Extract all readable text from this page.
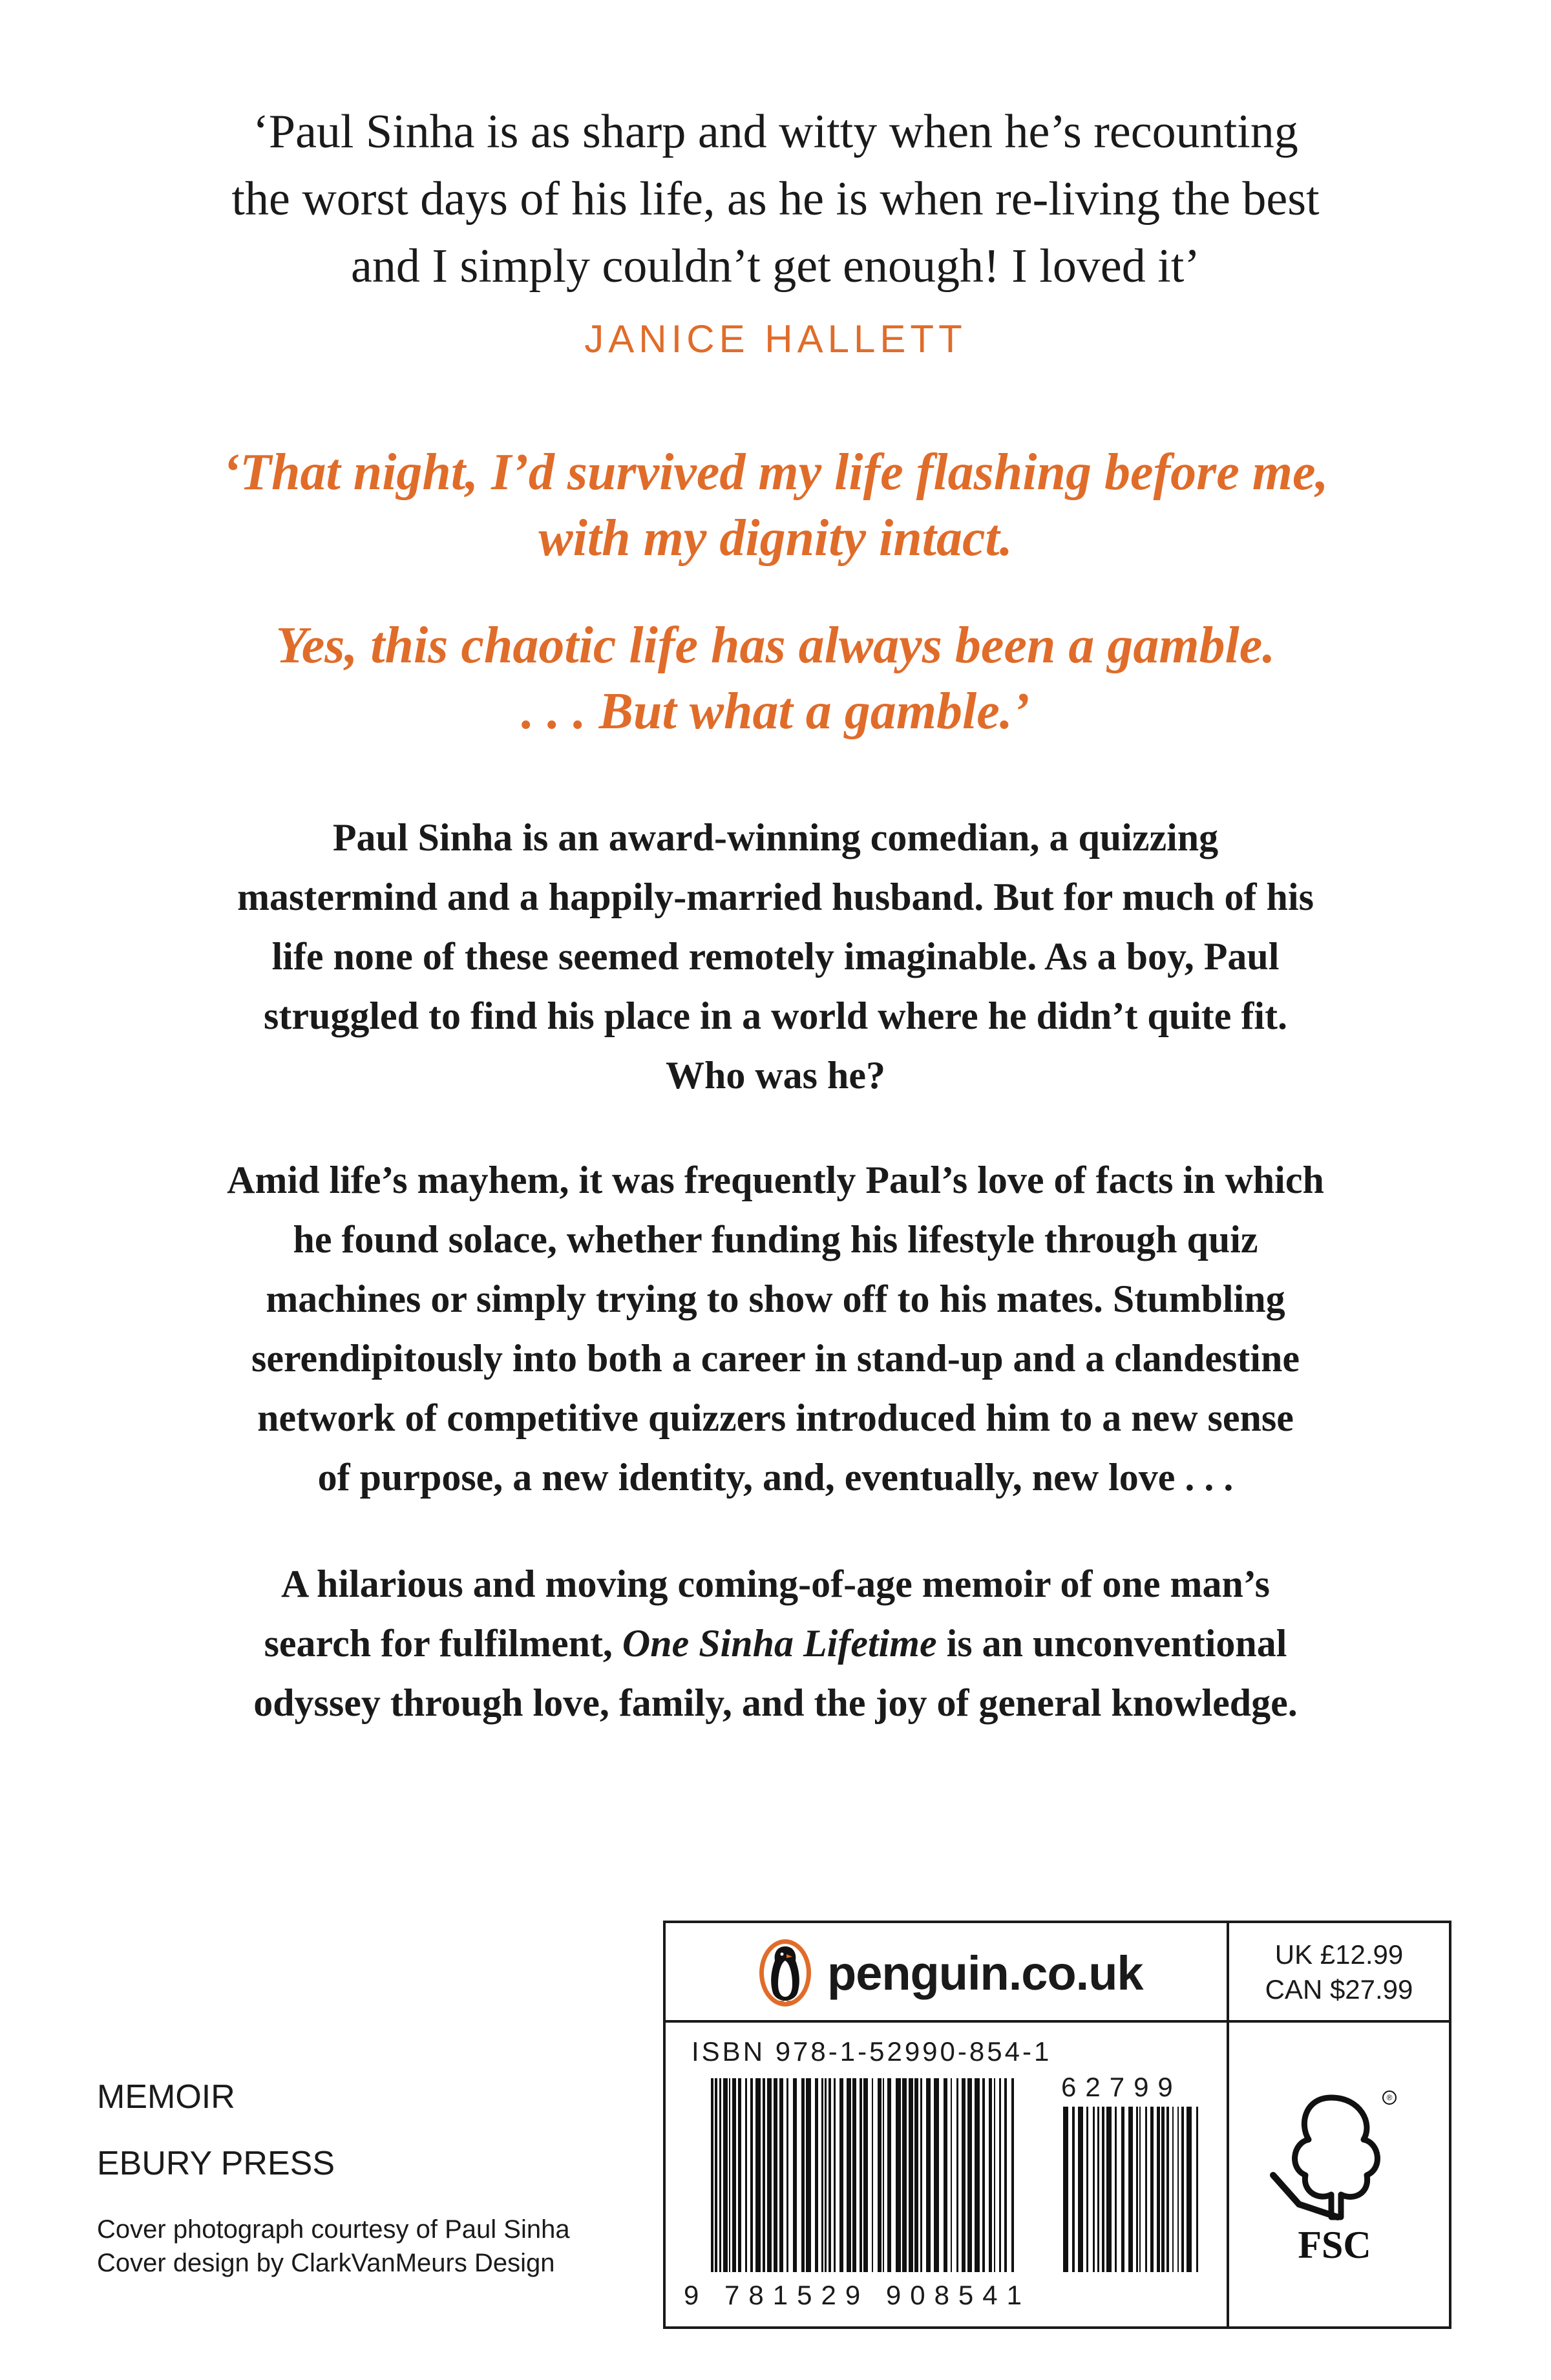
‘Paul Sinha is as sharp and witty when he’s recounting
the worst days of his life, as he is when re-living the best
and I simply couldn’t get enough! I loved it’
JANICE HALLETT
‘That night, I’d survived my life flashing before me,
with my dignity intact.
Yes, this chaotic life has always been a gamble.
. . . But what a gamble.’
Paul Sinha is an award-winning comedian, a quizzing
mastermind and a happily-married husband. But for much of his
life none of these seemed remotely imaginable. As a boy, Paul
struggled to find his place in a world where he didn’t quite fit.
Who was he?
Amid life’s mayhem, it was frequently Paul’s love of facts in which
he found solace, whether funding his lifestyle through quiz
machines or simply trying to show off to his mates. Stumbling
serendipitously into both a career in stand-up and a clandestine
network of competitive quizzers introduced him to a new sense
of purpose, a new identity, and, eventually, new love . . .
A hilarious and moving coming-of-age memoir of one man’s
search for fulfilment, One Sinha Lifetime is an unconventional
odyssey through love, family, and the joy of general knowledge.
MEMOIR
EBURY PRESS
Cover photograph courtesy of Paul Sinha
Cover design by ClarkVanMeurs Design
penguin.co.uk	UK £12.99
CAN $27.99
ISBN 978-1-52990-854-1
62799
9 781529 908541
®
FSC
